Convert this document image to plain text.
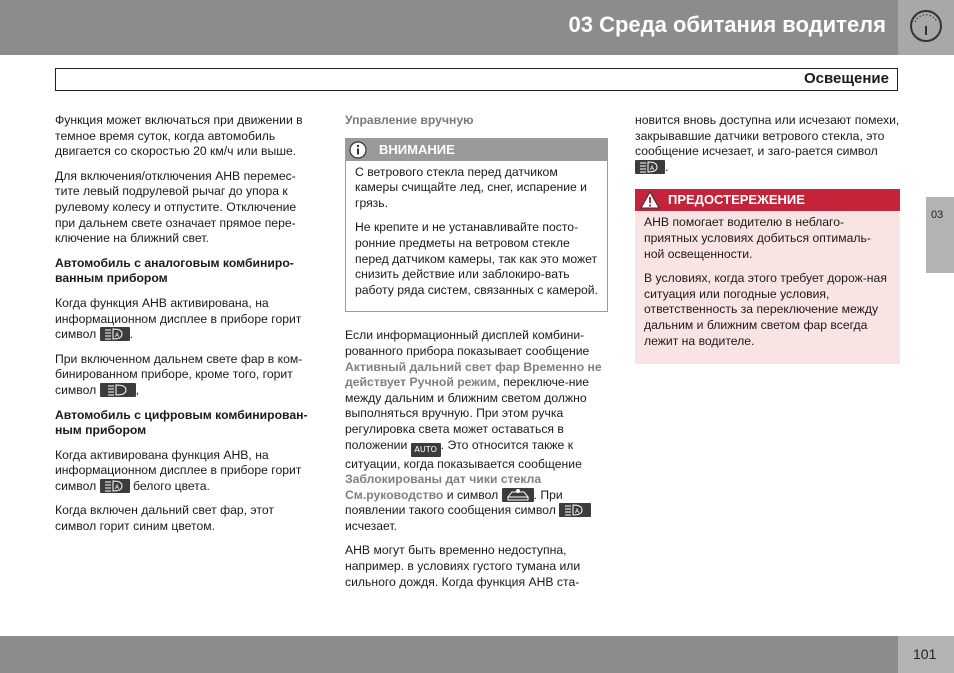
03 Среда обитания водителя
Освещение
03

Функция может включаться при движении в темное время суток, когда автомобиль двигается со скоростью 20 км/ч или выше.

Для включения/отключения АНВ перемес-тите левый подрулевой рычаг до упора к рулевому колесу и отпустите. Отключение при дальнем свете означает прямое пере-ключение на ближний свет.

Автомобиль с аналоговым комбиниро-ванным прибором

Когда функция АНВ активирована, на информационном дисплее в приборе горит символ	A .

При включенном дальнем свете фар в ком-бинированном приборе, кроме того, горит символ	,

Автомобиль с цифровым комбинирован-ным прибором

Когда активирована функция АНВ, на информационном дисплее в приборе горит символ	A белого цвета.

Когда включен дальний свет фар, этот символ горит синим цветом.

Управление вручную

ВНИМАНИЕ

С ветрового стекла перед датчиком камеры счищайте лед, снег, испарение и грязь.

Не крепите и не устанавливайте посто-ронние предметы на ветровом стекле перед датчиком камеры, так как это может снизить действие или заблокиро-вать работу ряда систем, связанных с камерой.

Если информационный дисплей комбини-рованного прибора показывает сообщение Активный дальний свет фар Временно не действует Ручной режим, переключе-ние между дальним и ближним светом должно выполняться вручную. При этом ручка регулировка света может оставаться в положении AUTO . Это относится также к ситуации, когда показывается сообщение Заблокированы дат чики стекла См.руководство и символ	. При появлении такого сообщения символ	A
исчезает.

АНВ могут быть временно недоступна, например. в условиях густого тумана или сильного дождя. Когда функция АНВ ста-

новится вновь доступна или исчезают помехи, закрывавшие датчики ветрового стекла, это сообщение исчезает, и заго-рается символ
A .

ПРЕДОСТЕРЕЖЕНИЕ

АНВ помогает водителю в неблаго-приятных условиях добиться оптималь-ной освещенности.

В условиях, когда этого требует дорож-ная ситуация или погодные условия, ответственность за переключение между дальним и ближним светом фар всегда лежит на водителе.

101
